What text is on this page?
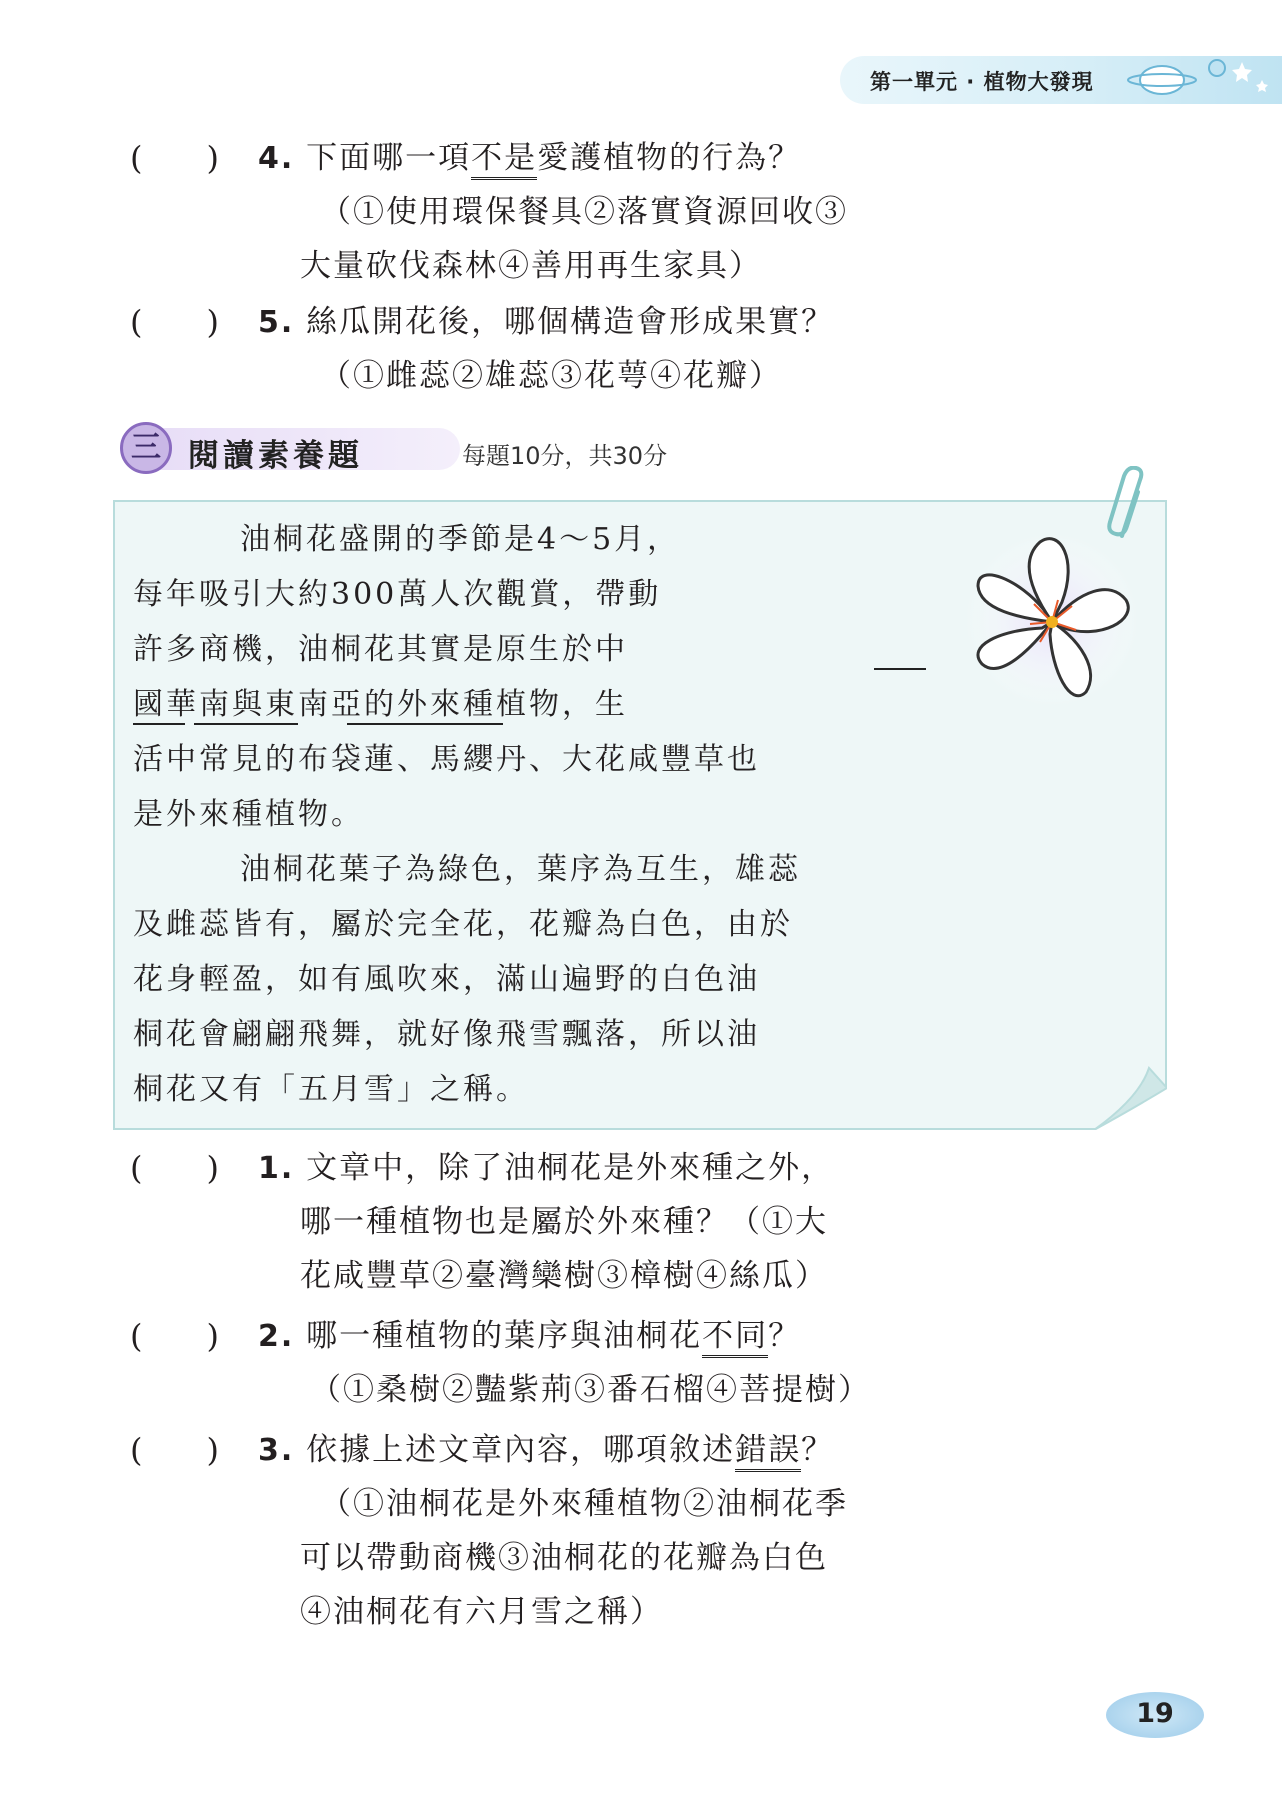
第一單元 · 植物大發現
(　　) 4. 下面哪一項不是愛護植物的行為？
（①使用環保餐具②落實資源回收③
大量砍伐森林④善用再生家具）
(　　) 5. 絲瓜開花後，哪個構造會形成果實？
（①雌蕊②雄蕊③花萼④花瓣）
三 閱讀素養題	每題10分，共30分
油桐花盛開的季節是4～5月，
每年吸引大約300萬人次觀賞，帶動
許多商機，油桐花其實是原生於中
國華南與東南亞的外來種植物，生
活中常見的布袋蓮、馬纓丹、大花咸豐草也
是外來種植物。
油桐花葉子為綠色，葉序為互生，雄蕊
及雌蕊皆有，屬於完全花，花瓣為白色，由於
花身輕盈，如有風吹來，滿山遍野的白色油
桐花會翩翩飛舞，就好像飛雪飄落，所以油
桐花又有「五月雪」之稱。
(　　) 1. 文章中，除了油桐花是外來種之外，
哪一種植物也是屬於外來種？（①大
花咸豐草②臺灣欒樹③樟樹④絲瓜）
(　　) 2. 哪一種植物的葉序與油桐花不同？
（①桑樹②豔紫荊③番石榴④菩提樹）
(　　) 3. 依據上述文章內容，哪項敘述錯誤？
（①油桐花是外來種植物②油桐花季
可以帶動商機③油桐花的花瓣為白色
④油桐花有六月雪之稱）
19
